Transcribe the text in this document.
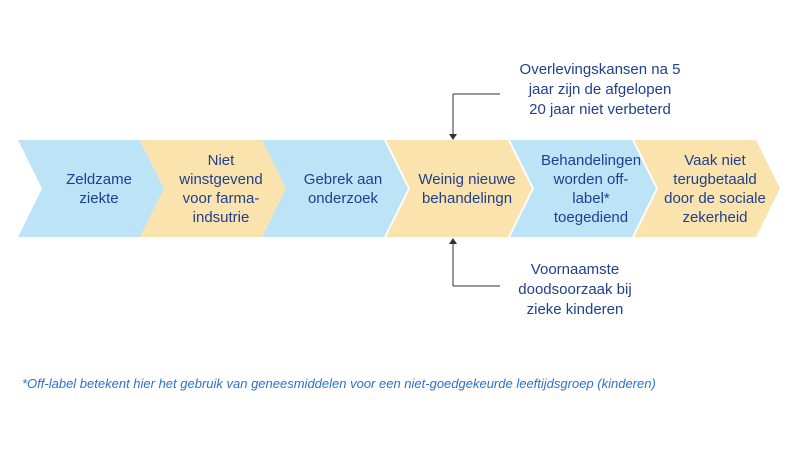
Zeldzame
ziekte
Niet
winstgevend
voor farma-
indsutrie
Gebrek aan
onderzoek
Weinig nieuwe
behandelingn
Behandelingen
worden off-
label*
toegediend
Vaak niet
terugbetaald
door de sociale
zekerheid
Overlevingskansen na 5
jaar zijn de afgelopen
20 jaar niet verbeterd
Voornaamste
doodsoorzaak bij
zieke kinderen
*Off-label betekent hier het gebruik van geneesmiddelen voor een niet-goedgekeurde leeftijdsgroep (kinderen)
